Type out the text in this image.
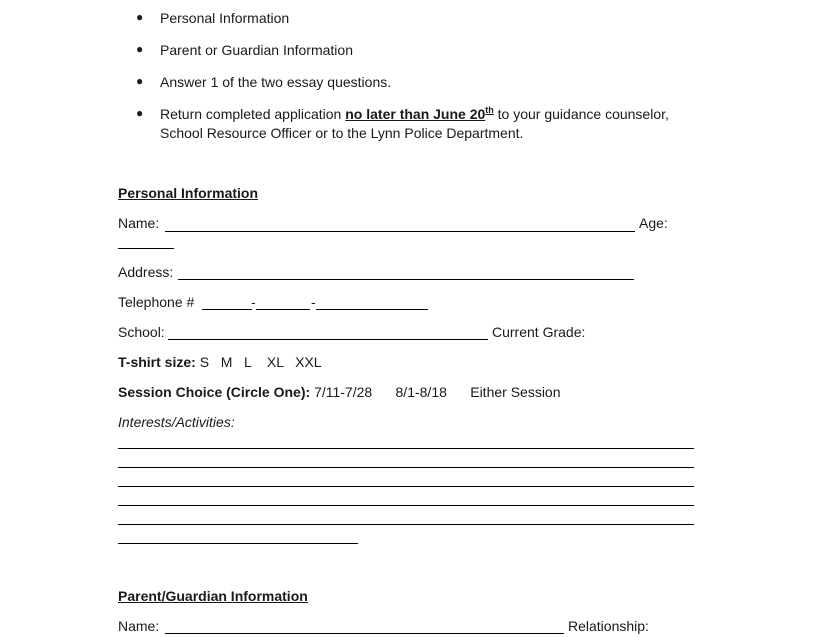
● Personal Information
● Parent or Guardian Information
● Answer 1 of the two essay questions.
● Return completed application no later than June 20th to your guidance counselor,
School Resource Officer or to the Lynn Police Department.
Personal Information
Name:	Age:
Address:
Telephone #	-	-
School:	Current Grade:
T-shirt size: S   M   L    XL   XXL
Session Choice (Circle One): 7/11-7/28      8/1-8/18      Either Session
Interests/Activities:
Parent/Guardian Information
Name:	Relationship:
